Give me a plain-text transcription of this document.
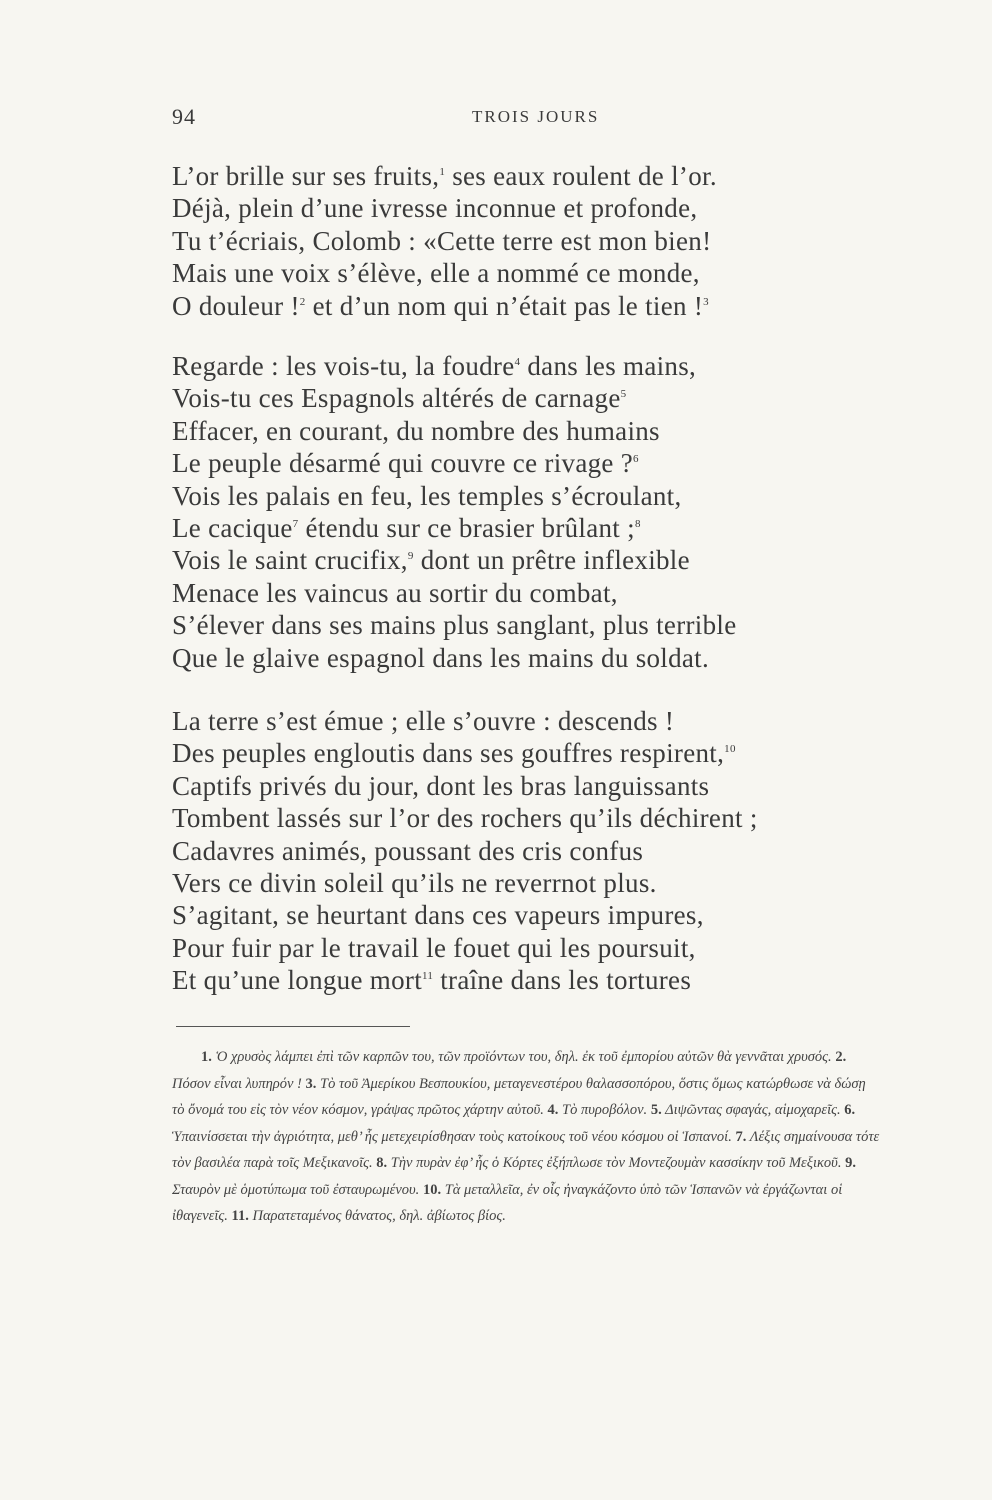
94	TROIS JOURS
L’or brille sur ses fruits,$^1$ ses eaux roulent de l’or.
Déjà, plein d’une ivresse inconnue et profonde,
Tu t’écriais, Colomb : «Cette terre est mon bien!
Mais une voix s’élève, elle a nommé ce monde,
O douleur !$^2$ et d’un nom qui n’était pas le tien !$^3$
Regarde : les vois-tu, la foudre$^4$ dans les mains,
Vois-tu ces Espagnols altérés de carnage$^5$
Effacer, en courant, du nombre des humains
Le peuple désarmé qui couvre ce rivage ?$^6$
Vois les palais en feu, les temples s’écroulant,
Le cacique$^7$ étendu sur ce brasier brûlant ;$^8$
Vois le saint crucifix,$^9$ dont un prêtre inflexible
Menace les vaincus au sortir du combat,
S’élever dans ses mains plus sanglant, plus terrible
Que le glaive espagnol dans les mains du soldat.
La terre s’est émue ; elle s’ouvre : descends !
Des peuples engloutis dans ses gouffres respirent,$^{10}$
Captifs privés du jour, dont les bras languissants
Tombent lassés sur l’or des rochers qu’ils déchirent ;
Cadavres animés, poussant des cris confus
Vers ce divin soleil qu’ils ne reverrnot plus.
S’agitant, se heurtant dans ces vapeurs impures,
Pour fuir par le travail le fouet qui les poursuit,
Et qu’une longue mort$^{11}$ traîne dans les tortures
  1. Ὁ χρυσὸς λάμπει ἐπὶ τῶν καρπῶν του, τῶν προϊόντων του, δηλ. ἐκ τοῦ ἐμπορίου αὐτῶν θὰ γεννᾶται χρυσός. 2. Πόσον εἶναι λυπηρόν ! 3. Τὸ τοῦ Ἀμερίκου Βεσπουκίου, μεταγενεστέρου θαλασσοπόρου, ὅστις ὅμως κατώρθωσε νὰ δώσῃ τὸ ὄνομά του εἰς τὸν νέον κόσμον, γράψας πρῶτος χάρτην αὐτοῦ. 4. Τὸ πυροβόλον. 5. Διψῶντας σφαγάς, αἱμοχαρεῖς. 6. Ὑπαινίσσεται τὴν ἀγριότητα, μεθ’ ἧς μετεχειρίσθησαν τοὺς κατοίκους τοῦ νέου κόσμου οἱ Ἱσπανοί. 7. Λέξις σημαίνουσα τότε τὸν βασιλέα παρὰ τοῖς Μεξικανοῖς. 8. Τὴν πυρὰν ἐφ’ ἧς ὁ Κόρτες ἐξήπλωσε τὸν Μοντεζουμὰν κασσίκην τοῦ Μεξικοῦ. 9. Σταυρὸν μὲ ὁμοτύπωμα τοῦ ἐσταυρωμένου. 10. Τὰ μεταλλεῖα, ἐν οἷς ἠναγκάζοντο ὑπὸ τῶν Ἱσπανῶν νὰ ἐργάζωνται οἱ ἰθαγενεῖς. 11. Παρατεταμένος θάνατος, δηλ. ἀβίωτος βίος.
